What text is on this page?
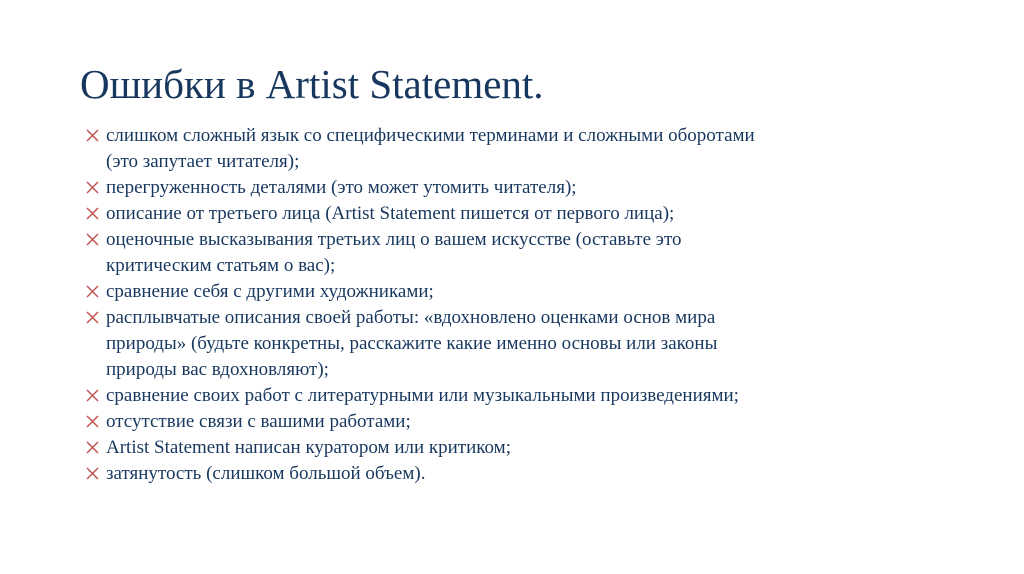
Ошибки в Artist Statement.
слишком сложный язык со специфическими терминами и сложными оборотами
(это запутает читателя);
перегруженность деталями (это может утомить читателя);
описание от третьего лица (Artist Statement пишется от первого лица);
оценочные высказывания третьих лиц о вашем искусстве (оставьте это
критическим статьям о вас);
сравнение себя с другими художниками;
расплывчатые описания своей работы: «вдохновлено оценками основ мира
природы» (будьте конкретны, расскажите какие именно основы или законы
природы вас вдохновляют);
сравнение своих работ с литературными или музыкальными произведениями;
отсутствие связи с вашими работами;
Artist Statement написан куратором или критиком;
затянутость (слишком большой объем).
